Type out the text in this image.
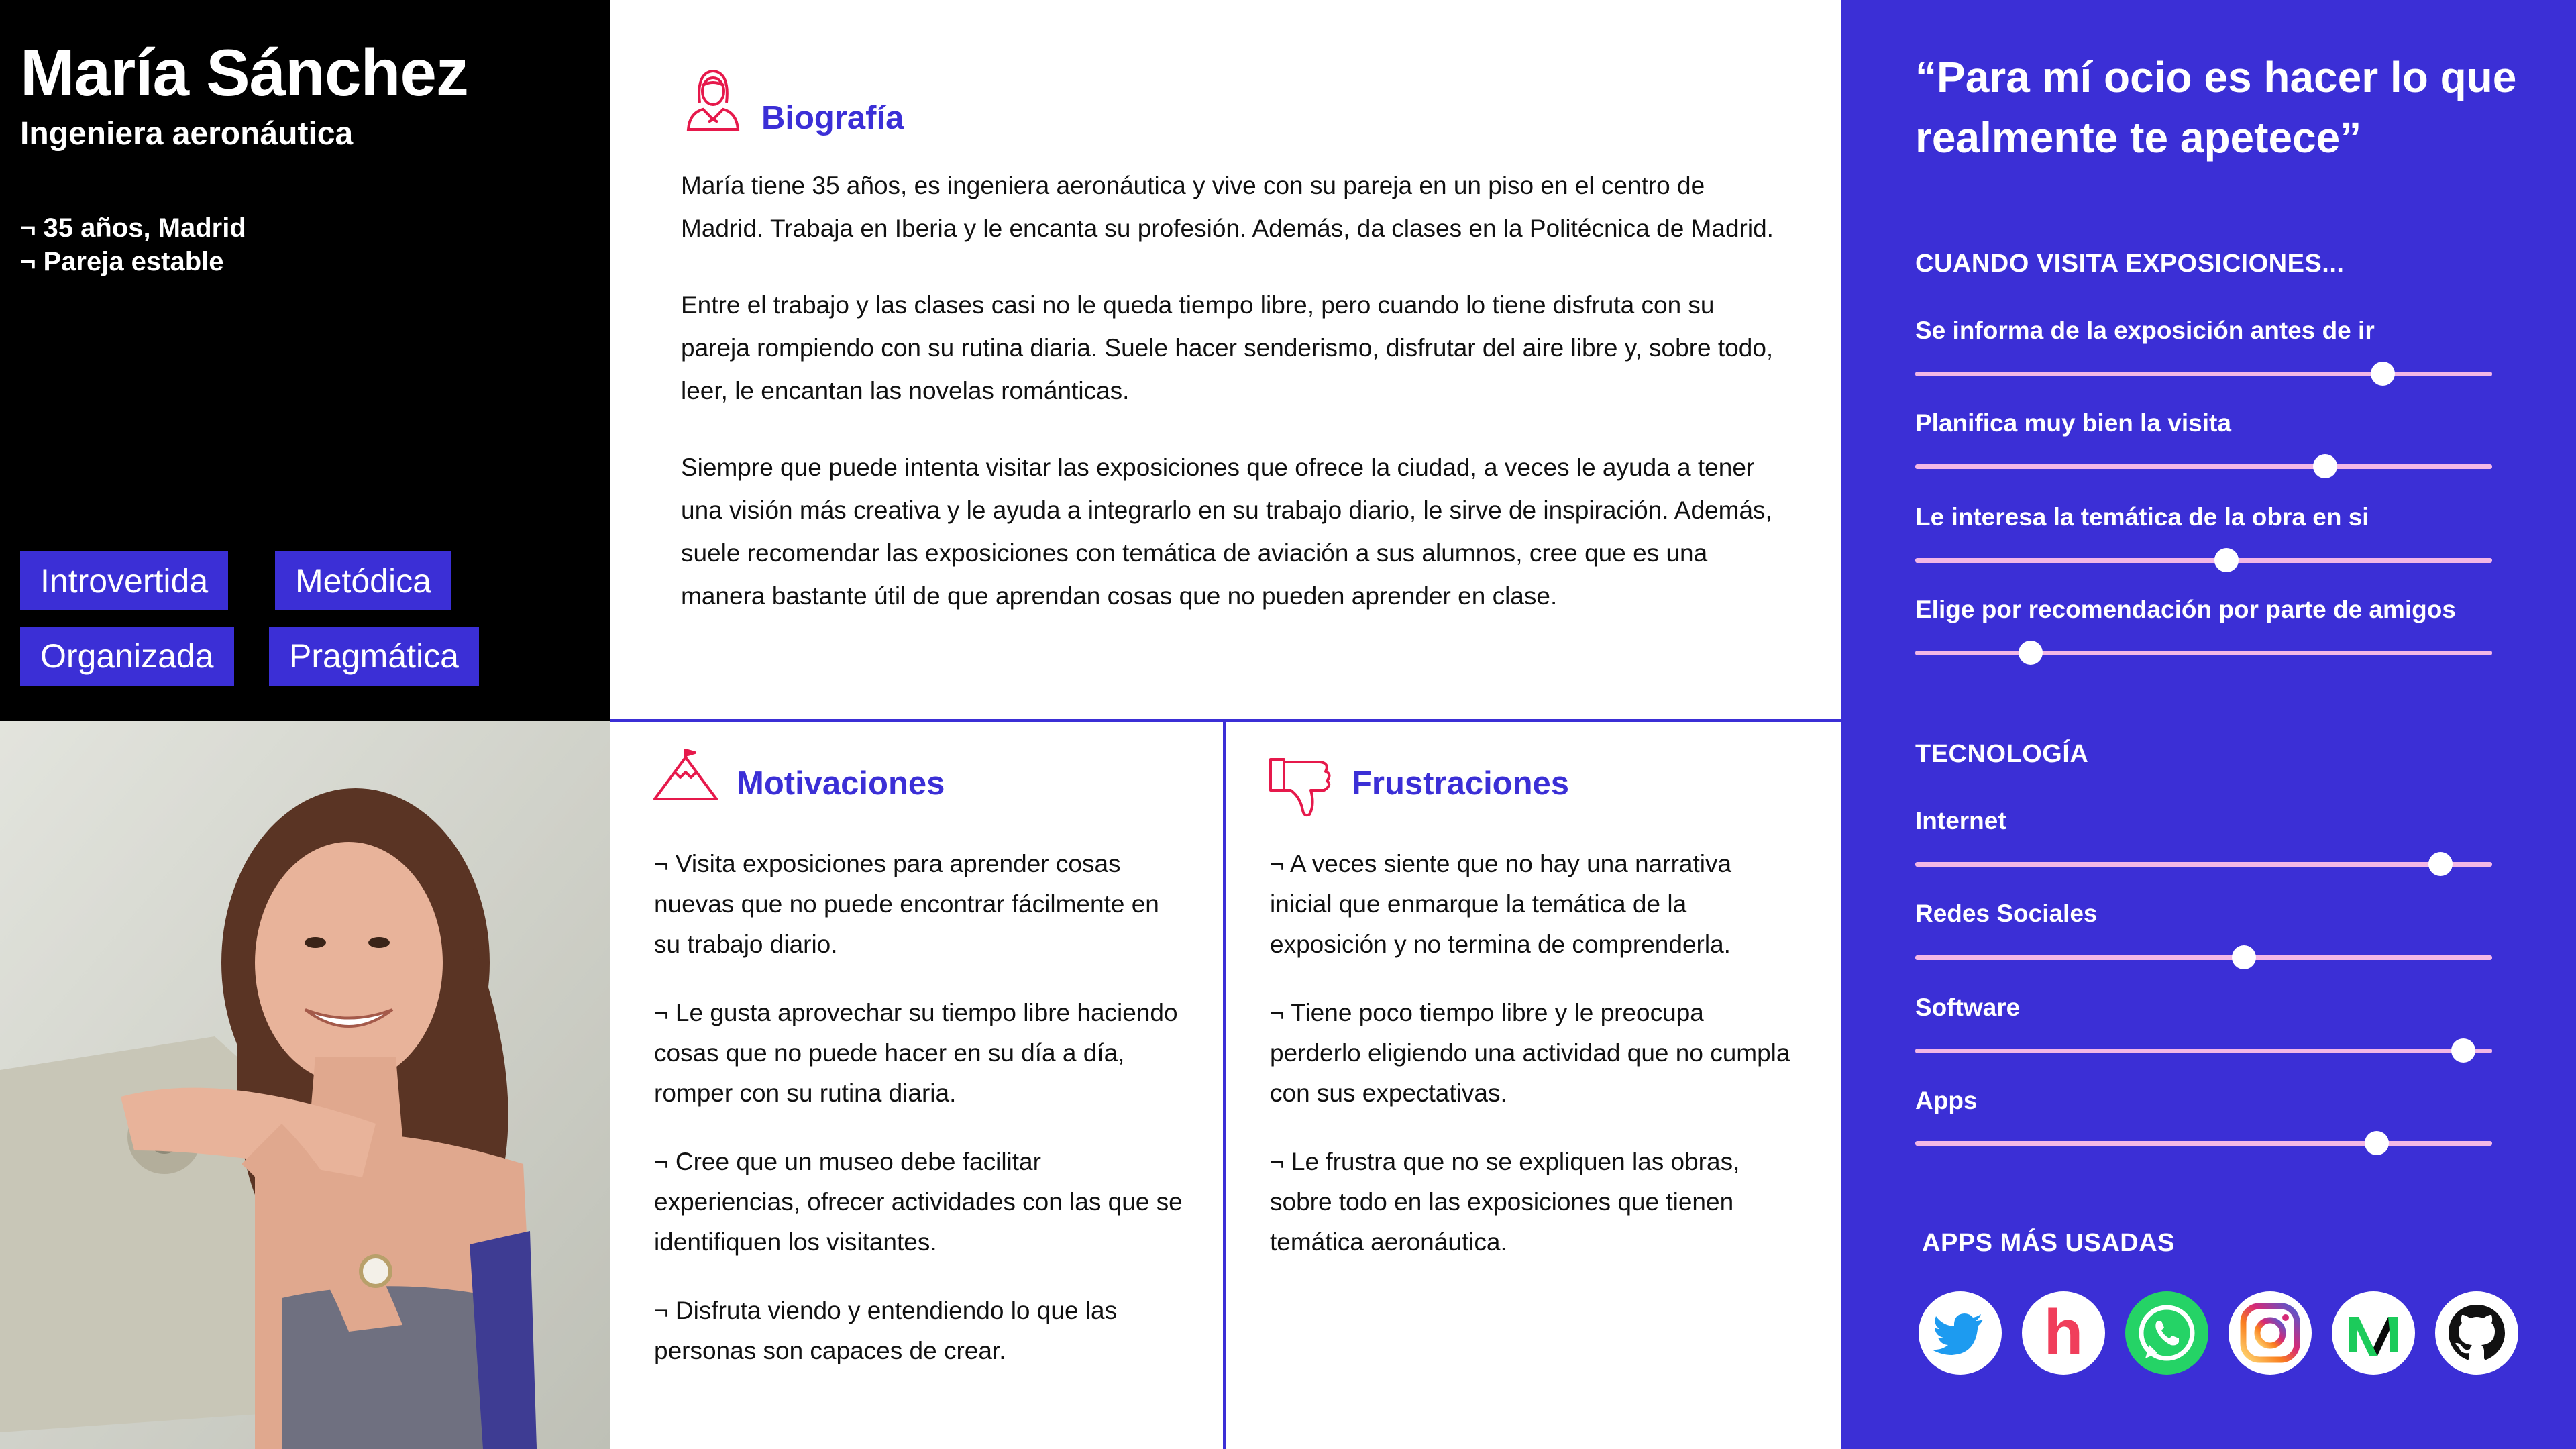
María Sánchez
Ingeniera aeronáutica
¬ 35 años, Madrid
¬ Pareja estable
Introvertida	Metódica
Organizada	Pragmática
Biografía

María tiene 35 años, es ingeniera aeronáutica y vive con su pareja en un piso en el centro de Madrid. Trabaja en Iberia y le encanta su profesión. Además, da clases en la Politécnica de Madrid.

Entre el trabajo y las clases casi no le queda tiempo libre, pero cuando lo tiene disfruta con su pareja rompiendo con su rutina diaria. Suele hacer senderismo, disfrutar del aire libre y, sobre todo, leer, le encantan las novelas románticas.

Siempre que puede intenta visitar las exposiciones que ofrece la ciudad, a veces le ayuda a tener una visión más creativa y le ayuda a integrarlo en su trabajo diario, le sirve de inspiración. Además, suele recomendar las exposiciones con temática de aviación a sus alumnos, cree que es una manera bastante útil de que aprendan cosas que no pueden aprender en clase.

Motivaciones

¬ Visita exposiciones para aprender cosas nuevas que no puede encontrar fácilmente en su trabajo diario.

¬ Le gusta aprovechar su tiempo libre haciendo cosas que no puede hacer en su día a día, romper con su rutina diaria.

¬ Cree que un museo debe facilitar experiencias, ofrecer actividades con las que se identifiquen los visitantes.

¬ Disfruta viendo y entendiendo lo que las personas son capaces de crear.

Frustraciones

¬ A veces siente que no hay una narrativa inicial que enmarque la temática de la exposición y no termina de comprenderla.

¬ Tiene poco tiempo libre y le preocupa perderlo eligiendo una actividad que no cumpla con sus expectativas.

¬ Le frustra que no se expliquen las obras, sobre todo en las exposiciones que tienen temática aeronáutica.

“Para mí ocio es hacer lo que realmente te apetece”

CUANDO VISITA EXPOSICIONES...
Se informa de la exposición antes de ir
Planifica muy bien la visita
Le interesa la temática de la obra en si
Elige por recomendación por parte de amigos
TECNOLOGÍA
Internet
Redes Sociales
Software
Apps
APPS MÁS USADAS
h
